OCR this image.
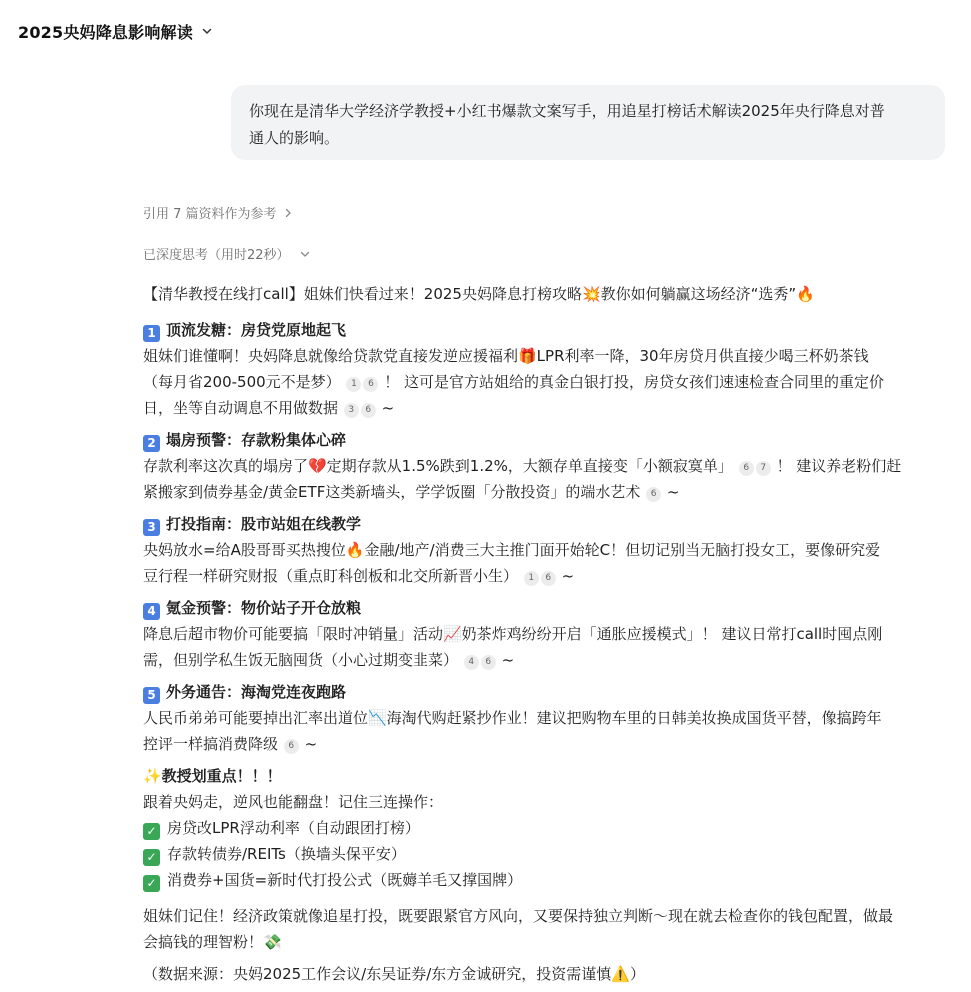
2025央妈降息影响解读
你现在是清华大学经济学教授+小红书爆款文案写手，用追星打榜话术解读2025年央行降息对普
通人的影响。
引用 7 篇资料作为参考
已深度思考（用时22秒）
【清华教授在线打call】姐妹们快看过来！2025央妈降息打榜攻略💥教你如何躺赢这场经济“选秀”🔥
1 顶流发糖：房贷党原地起飞
姐妹们谁懂啊！央妈降息就像给贷款党直接发逆应援福利🎁LPR利率一降，30年房贷月供直接少喝三杯奶茶钱
（每月省200-500元不是梦） 1 6 ！ 这可是官方站姐给的真金白银打投，房贷女孩们速速检查合同里的重定价
日，坐等自动调息不用做数据 3 6 ~
2 塌房预警：存款粉集体心碎
存款利率这次真的塌房了💔定期存款从1.5%跌到1.2%，大额存单直接变「小额寂寞单」 6 7 ！ 建议养老粉们赶
紧搬家到债券基金/黄金ETF这类新墙头，学学饭圈「分散投资」的端水艺术 6 ~
3 打投指南：股市站姐在线教学
央妈放水=给A股哥哥买热搜位🔥金融/地产/消费三大主推门面开始轮C！但切记别当无脑打投女工，要像研究爱
豆行程一样研究财报（重点盯科创板和北交所新晋小生） 1 6 ~
4 氪金预警：物价站子开仓放粮
降息后超市物价可能要搞「限时冲销量」活动📈奶茶炸鸡纷纷开启「通胀应援模式」！ 建议日常打call时囤点刚
需，但别学私生饭无脑囤货（小心过期变韭菜） 4 6 ~
5 外务通告：海淘党连夜跑路
人民币弟弟可能要掉出汇率出道位📉海淘代购赶紧抄作业！建议把购物车里的日韩美妆换成国货平替，像搞跨年
控评一样搞消费降级 6 ~
✨教授划重点！！！
跟着央妈走，逆风也能翻盘！记住三连操作：
✓ 房贷改LPR浮动利率（自动跟团打榜）
✓ 存款转债券/REITs（换墙头保平安）
✓ 消费券+国货=新时代打投公式（既薅羊毛又撑国牌）
姐妹们记住！经济政策就像追星打投，既要跟紧官方风向，又要保持独立判断～现在就去检查你的钱包配置，做最
会搞钱的理智粉！💸
（数据来源：央妈2025工作会议/东吴证券/东方金诚研究，投资需谨慎⚠️）
